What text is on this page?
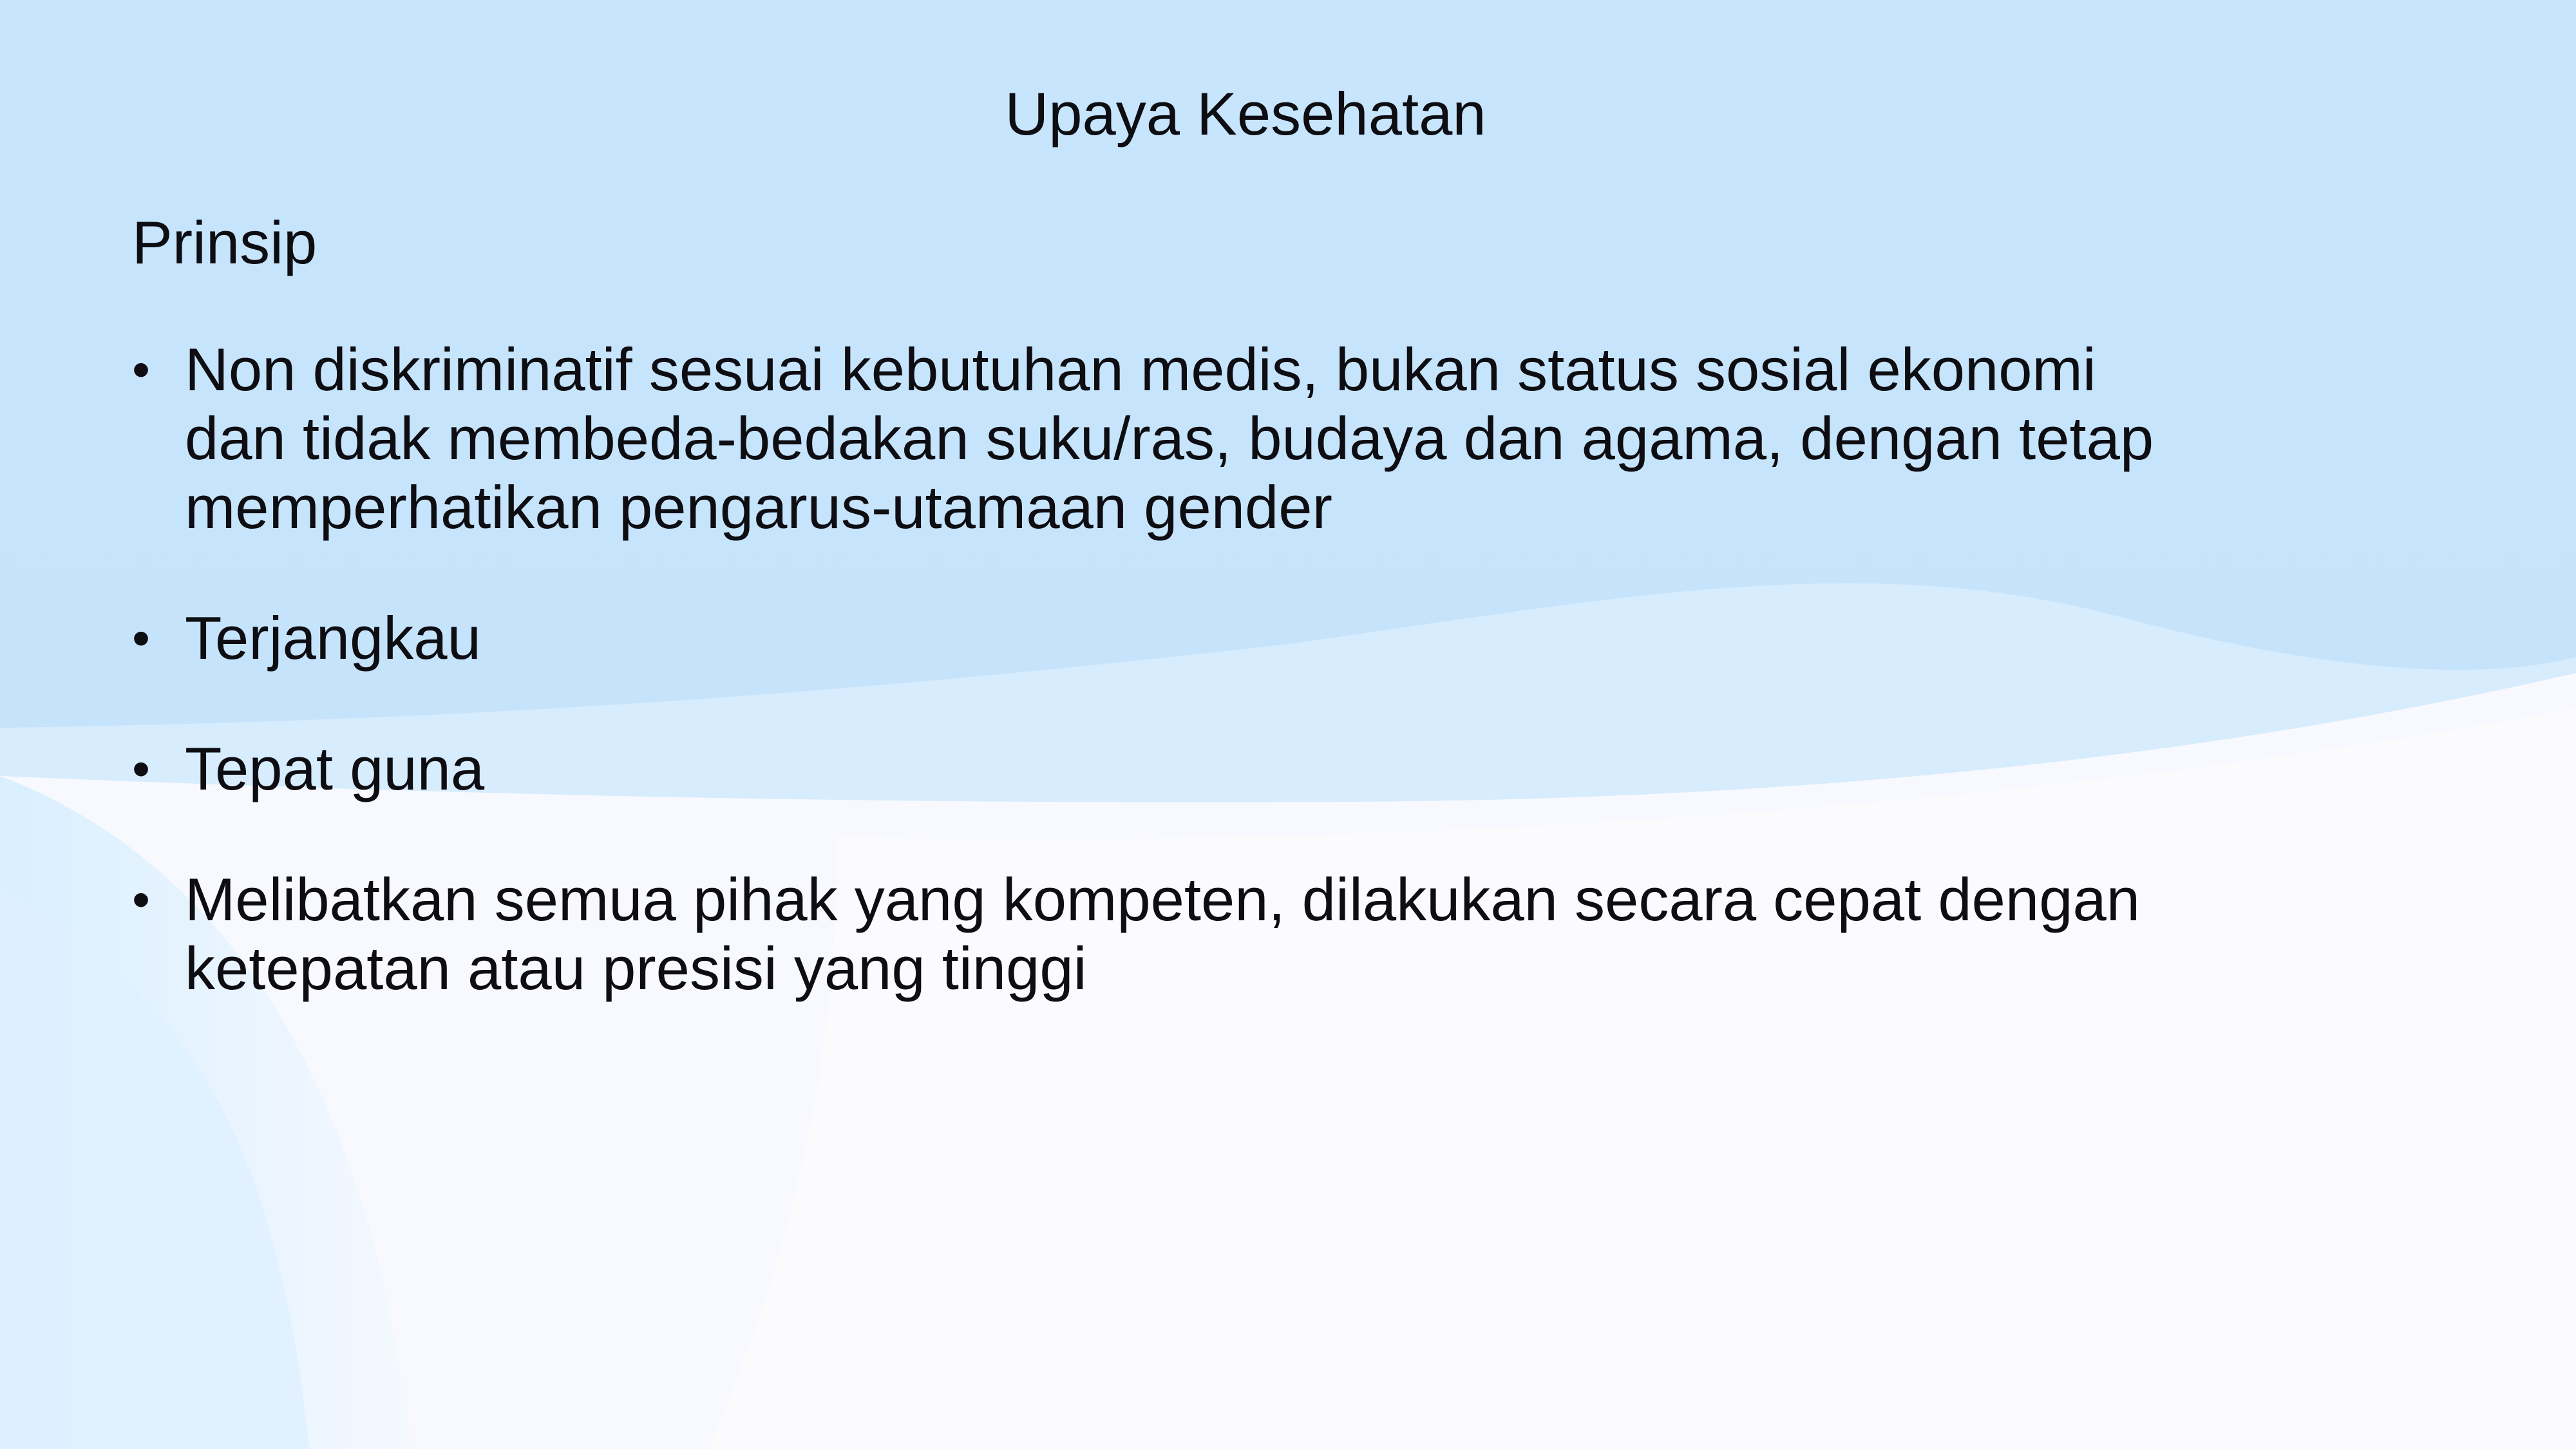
Upaya Kesehatan
Prinsip
• Non diskriminatif sesuai kebutuhan medis, bukan status sosial ekonomi
dan tidak membeda-bedakan suku/ras, budaya dan agama, dengan tetap
memperhatikan pengarus-utamaan gender
• Terjangkau
• Tepat guna
• Melibatkan semua pihak yang kompeten, dilakukan secara cepat dengan
ketepatan atau presisi yang tinggi
